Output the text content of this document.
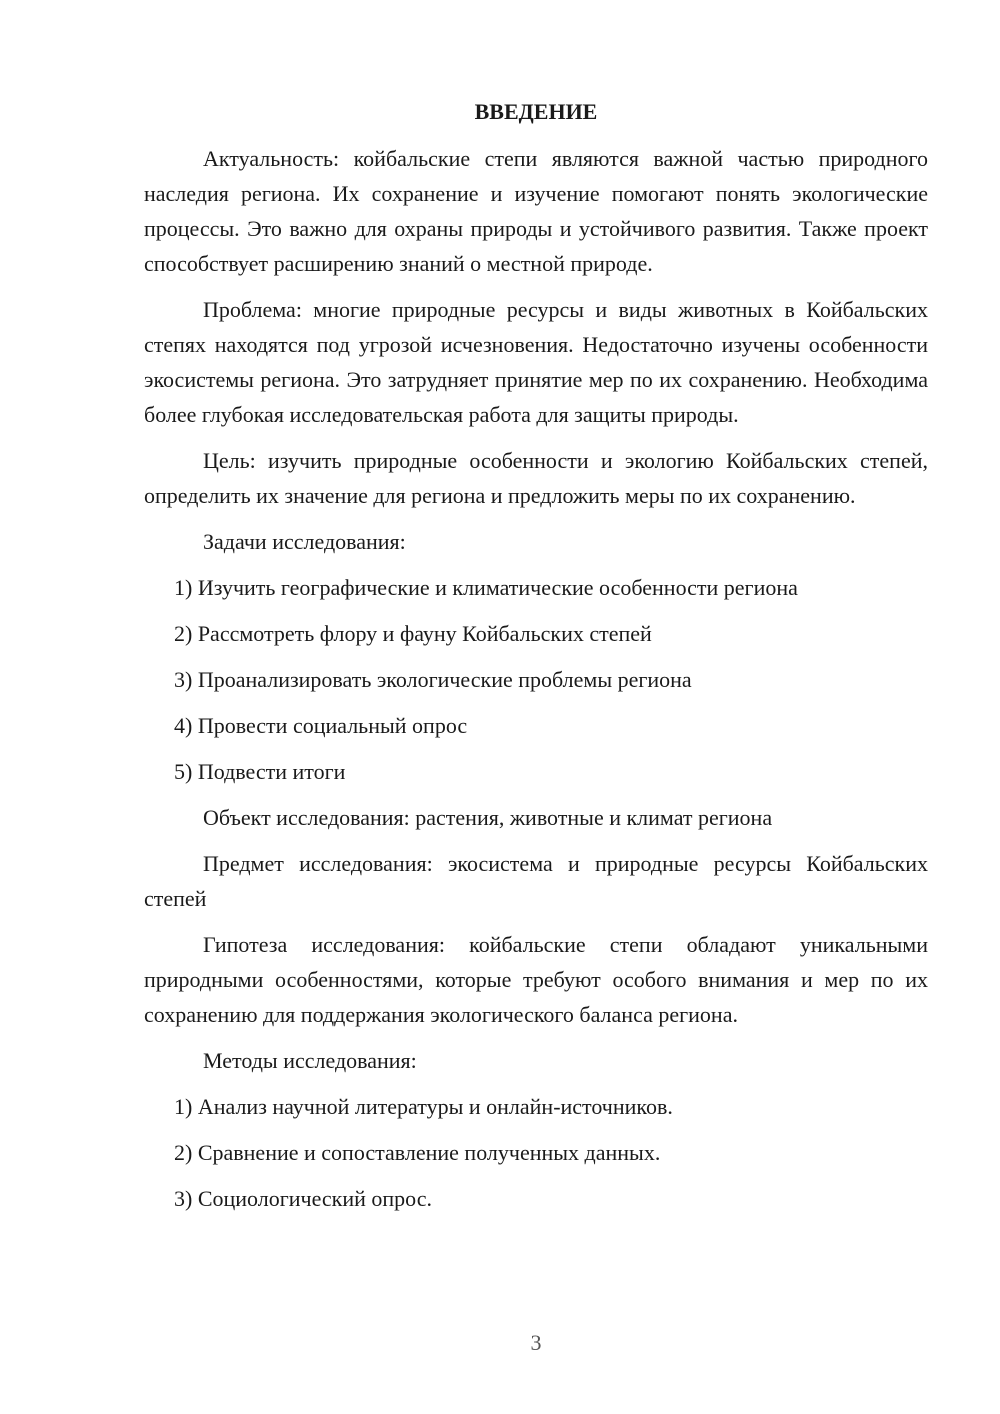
ВВЕДЕНИЕ

Актуальность: койбальские степи являются важной частью природного наследия региона. Их сохранение и изучение помогают понять экологические процессы. Это важно для охраны природы и устойчивого развития. Также проект способствует расширению знаний о местной природе.

Проблема: многие природные ресурсы и виды животных в Койбальских степях находятся под угрозой исчезновения. Недостаточно изучены особенности экосистемы региона. Это затрудняет принятие мер по их сохранению. Необходима более глубокая исследовательская работа для защиты природы.

Цель: изучить природные особенности и экологию Койбальских степей, определить их значение для региона и предложить меры по их сохранению.

Задачи исследования:

1) Изучить географические и климатические особенности региона

2) Рассмотреть флору и фауну Койбальских степей

3) Проанализировать экологические проблемы региона

4) Провести социальный опрос

5) Подвести итоги

Объект исследования: растения, животные и климат региона

Предмет исследования: экосистема и природные ресурсы Койбальских степей

Гипотеза исследования: койбальские степи обладают уникальными природными особенностями, которые требуют особого внимания и мер по их сохранению для поддержания экологического баланса региона.

Методы исследования:

1) Анализ научной литературы и онлайн-источников.

2) Сравнение и сопоставление полученных данных.

3) Социологический опрос.

3
